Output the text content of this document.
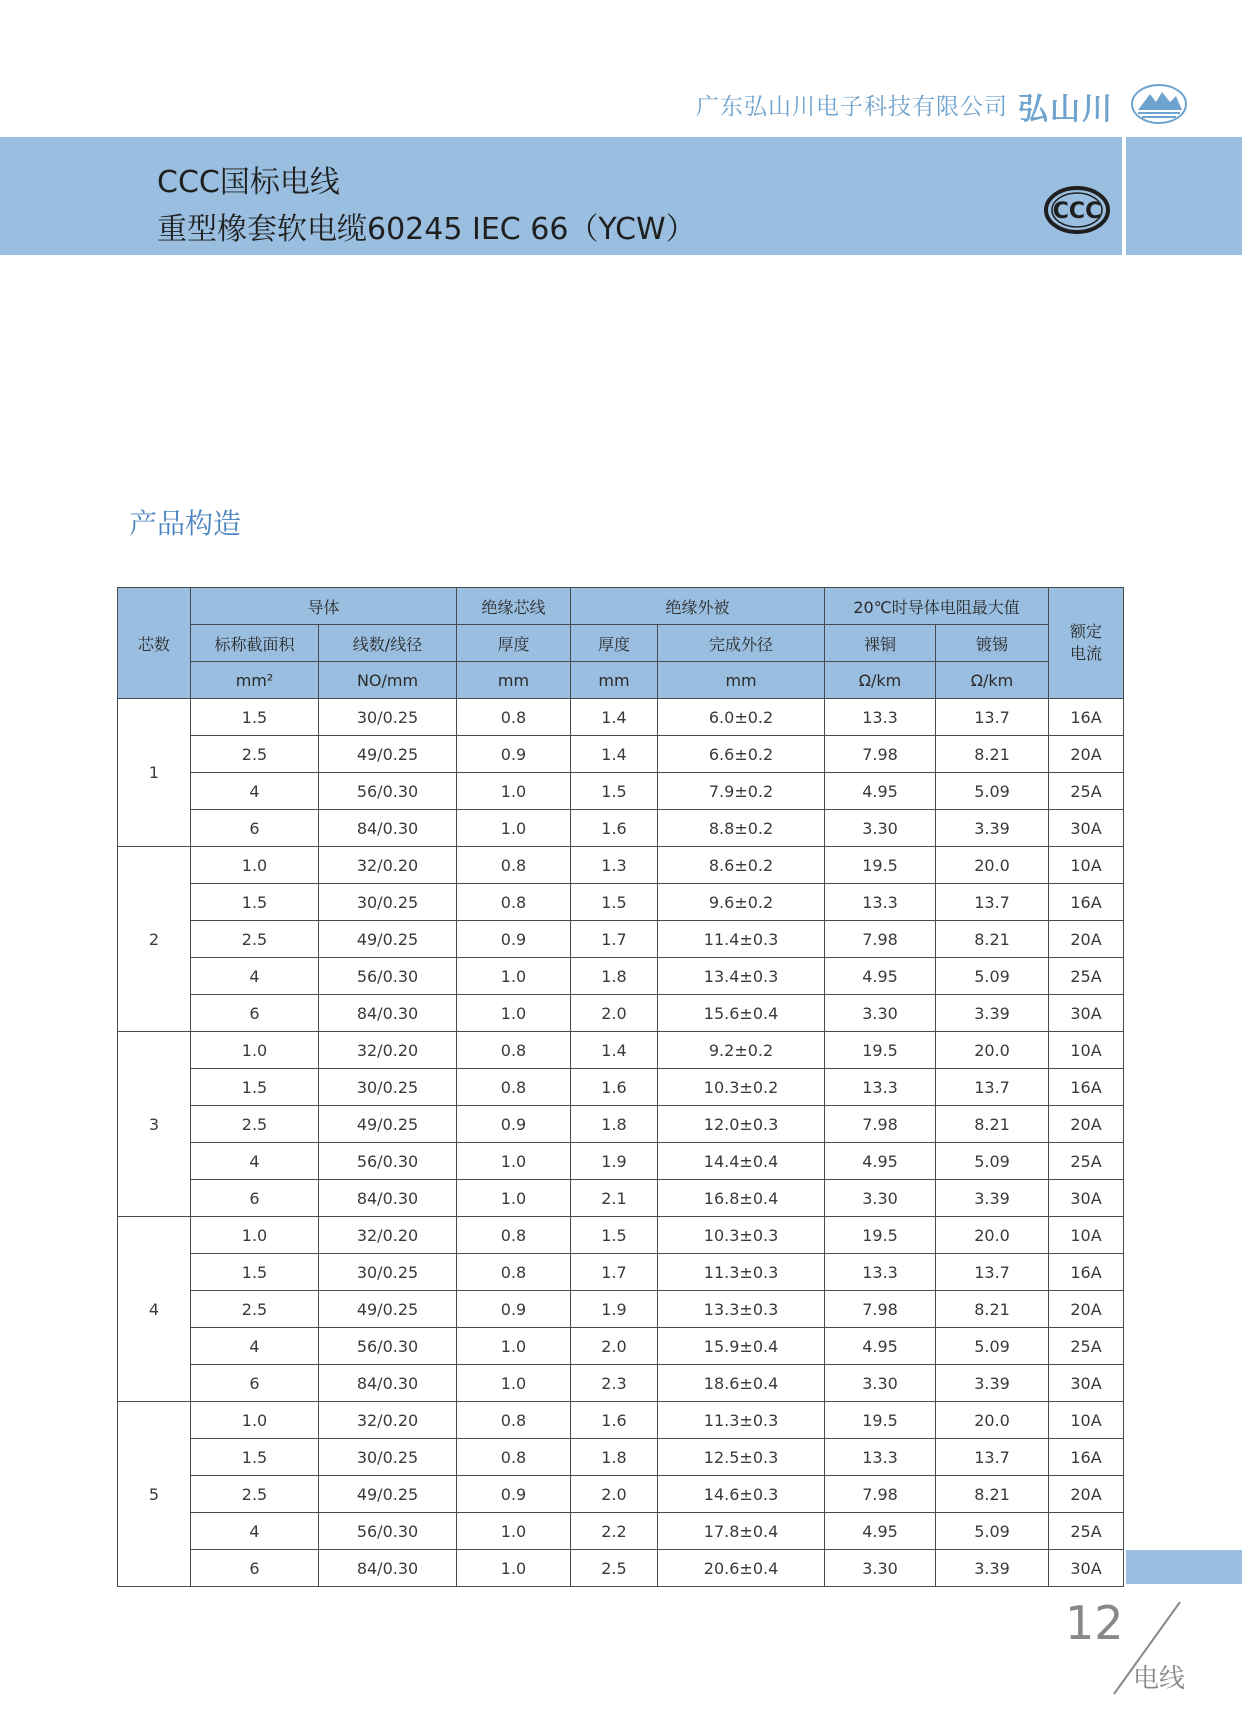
广东弘山川电子科技有限公司 弘山川
CCC国标电线
重型橡套软电缆60245 IEC 66（YCW）
CCC
产品构造
芯数	导体		绝缘芯线	绝缘外被		20℃时导体电阻最大值		额定电流

	标称截面积	线数/线径	厚度	厚度	完成外径	裸铜	镀锡	
	mm²	NO/mm	mm	mm	mm	Ω/km	Ω/km	
1	1.5	30/0.25	0.8	1.4	6.0±0.2	13.3	13.7	16A
	2.5	49/0.25	0.9	1.4	6.6±0.2	7.98	8.21	20A
	4	56/0.30	1.0	1.5	7.9±0.2	4.95	5.09	25A
	6	84/0.30	1.0	1.6	8.8±0.2	3.30	3.39	30A
2	1.0	32/0.20	0.8	1.3	8.6±0.2	19.5	20.0	10A
	1.5	30/0.25	0.8	1.5	9.6±0.2	13.3	13.7	16A
	2.5	49/0.25	0.9	1.7	11.4±0.3	7.98	8.21	20A
	4	56/0.30	1.0	1.8	13.4±0.3	4.95	5.09	25A
	6	84/0.30	1.0	2.0	15.6±0.4	3.30	3.39	30A
3	1.0	32/0.20	0.8	1.4	9.2±0.2	19.5	20.0	10A
	1.5	30/0.25	0.8	1.6	10.3±0.2	13.3	13.7	16A
	2.5	49/0.25	0.9	1.8	12.0±0.3	7.98	8.21	20A
	4	56/0.30	1.0	1.9	14.4±0.4	4.95	5.09	25A
	6	84/0.30	1.0	2.1	16.8±0.4	3.30	3.39	30A
4	1.0	32/0.20	0.8	1.5	10.3±0.3	19.5	20.0	10A
	1.5	30/0.25	0.8	1.7	11.3±0.3	13.3	13.7	16A
	2.5	49/0.25	0.9	1.9	13.3±0.3	7.98	8.21	20A
	4	56/0.30	1.0	2.0	15.9±0.4	4.95	5.09	25A
	6	84/0.30	1.0	2.3	18.6±0.4	3.30	3.39	30A
5	1.0	32/0.20	0.8	1.6	11.3±0.3	19.5	20.0	10A
	1.5	30/0.25	0.8	1.8	12.5±0.3	13.3	13.7	16A
	2.5	49/0.25	0.9	2.0	14.6±0.3	7.98	8.21	20A
	4	56/0.30	1.0	2.2	17.8±0.4	4.95	5.09	25A
	6	84/0.30	1.0	2.5	20.6±0.4	3.30	3.39	30A
12
电线
